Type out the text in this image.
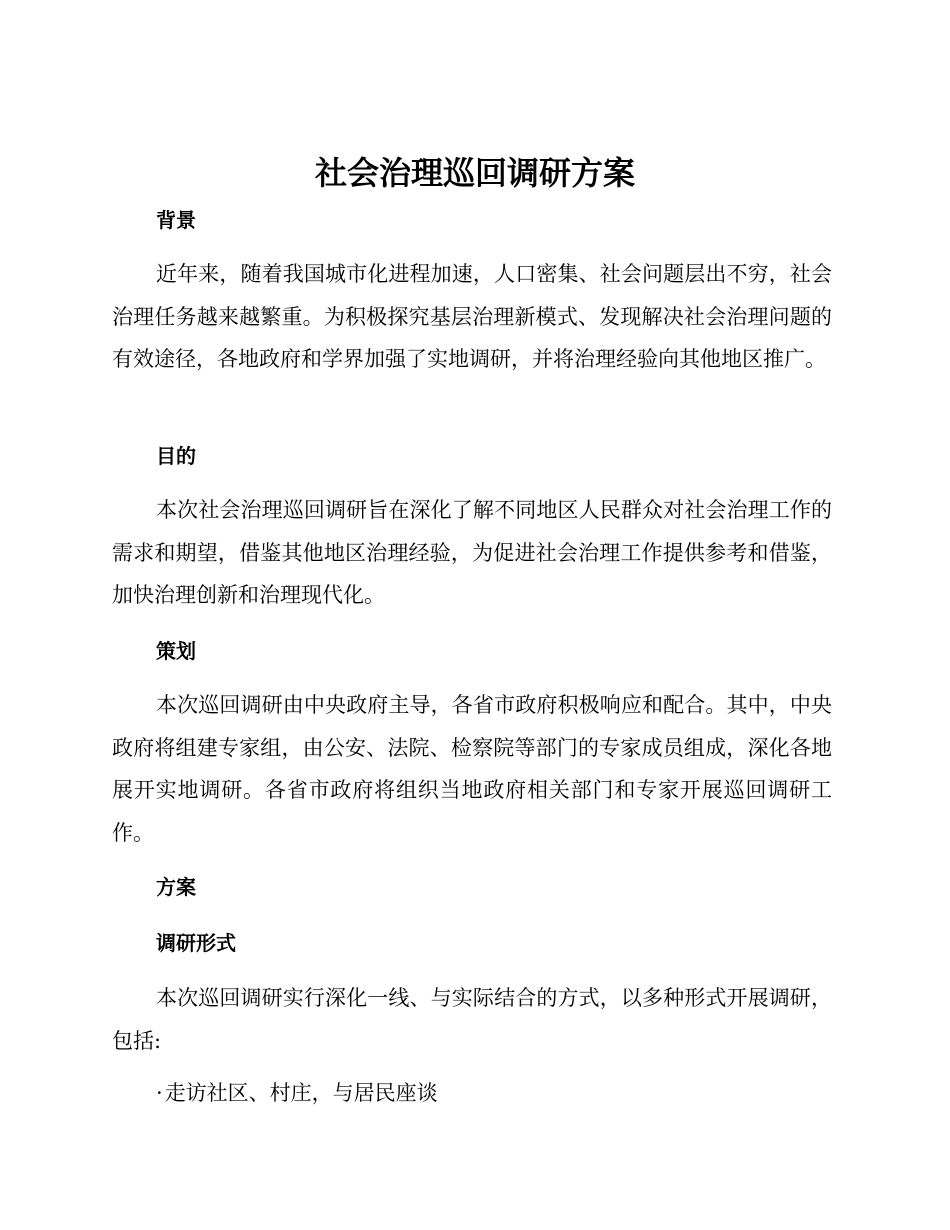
社会治理巡回调研方案
背景

近年来，随着我国城市化进程加速，人口密集、社会问题层出不穷，社会治理任务越来越繁重。为积极探究基层治理新模式、发现解决社会治理问题的有效途径，各地政府和学界加强了实地调研，并将治理经验向其他地区推广。

目的

本次社会治理巡回调研旨在深化了解不同地区人民群众对社会治理工作的需求和期望，借鉴其他地区治理经验，为促进社会治理工作提供参考和借鉴，加快治理创新和治理现代化。

策划

本次巡回调研由中央政府主导，各省市政府积极响应和配合。其中，中央政府将组建专家组，由公安、法院、检察院等部门的专家成员组成，深化各地展开实地调研。各省市政府将组织当地政府相关部门和专家开展巡回调研工作。

方案
调研形式

本次巡回调研实行深化一线、与实际结合的方式，以多种形式开展调研，包括:

·走访社区、村庄，与居民座谈
